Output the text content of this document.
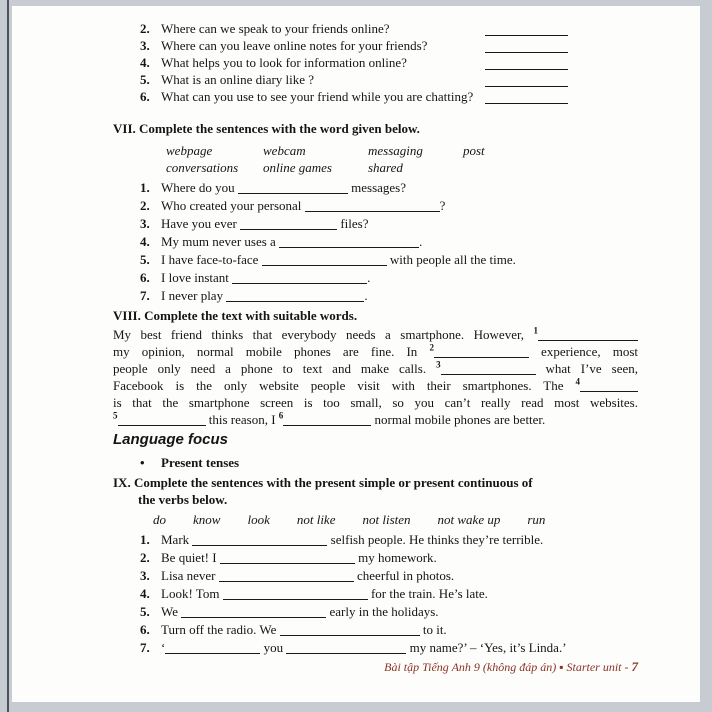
2. Where can we speak to your friends online?
3. Where can you leave online notes for your friends?
4. What helps you to look for information online?
5. What is an online diary like ?
6. What can you use to see your friend while you are chatting?
VII. Complete the sentences with the word given below.
webpage	webcam	messaging	post
conversations	online games	shared
1. Where do you	messages?
2. Who created your personal	?
3. Have you ever	files?
4. My mum never uses a	.
5. I have face-to-face	with people all the time.
6. I love instant	.
7. I never play	.
VIII. Complete the text with suitable words.
My best friend thinks that everybody needs a smartphone. However, $^1$
my opinion, normal mobile phones are fine. In $^2$	experience, most
people only need a phone to text and make calls. $^3$	what I’ve seen,
Facebook is the only website people visit with their smartphones. The $^4$
is that the smartphone screen is too small, so you can’t really read most websites.
$^5$	this reason, I $^6$	normal mobile phones are better.
Language focus
• Present tenses
IX. Complete the sentences with the present simple or present continuous of
the verbs below.
do know look not like not listen not wake up run
1. Mark	selfish people. He thinks they’re terrible.
2. Be quiet! I	my homework.
3. Lisa never	cheerful in photos.
4. Look! Tom	for the train. He’s late.
5. We	early in the holidays.
6. Turn off the radio. We	to it.
7. ‘	you	my name?’ – ‘Yes, it’s Linda.’
Bài tập Tiếng Anh 9 (không đáp án) ▪ Starter unit - 7
